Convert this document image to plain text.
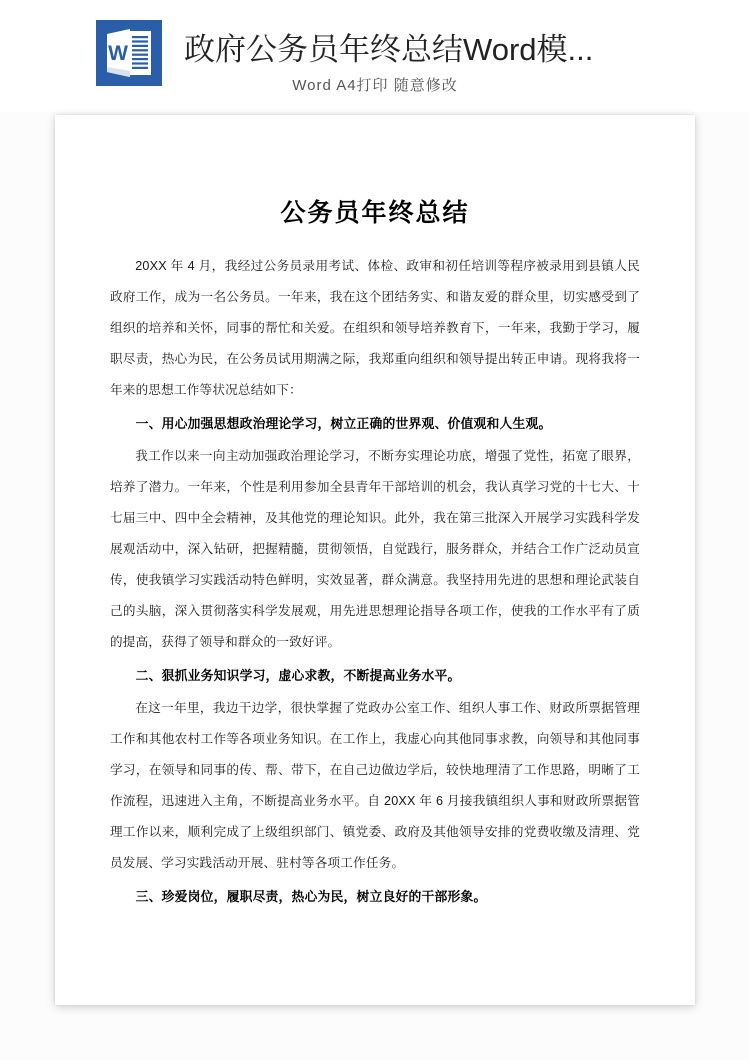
W	政府公务员年终总结Word模...
Word A4打印 随意修改
公务员年终总结

20XX 年 4 月，我经过公务员录用考试、体检、政审和初任培训等程序被录用到县镇人民政府工作，成为一名公务员。一年来，我在这个团结务实、和谐友爱的群众里，切实感受到了组织的培养和关怀，同事的帮忙和关爱。在组织和领导培养教育下，一年来，我勤于学习，履职尽责，热心为民，在公务员试用期满之际，我郑重向组织和领导提出转正申请。现将我将一年来的思想工作等状况总结如下：

一、用心加强思想政治理论学习，树立正确的世界观、价值观和人生观。

我工作以来一向主动加强政治理论学习，不断夯实理论功底，增强了党性，拓宽了眼界，培养了潜力。一年来，个性是利用参加全县青年干部培训的机会，我认真学习党的十七大、十七届三中、四中全会精神，及其他党的理论知识。此外，我在第三批深入开展学习实践科学发展观活动中，深入钻研，把握精髓，贯彻领悟，自觉践行，服务群众，并结合工作广泛动员宣传，使我镇学习实践活动特色鲜明，实效显著，群众满意。我坚持用先进的思想和理论武装自己的头脑，深入贯彻落实科学发展观，用先进思想理论指导各项工作，使我的工作水平有了质的提高，获得了领导和群众的一致好评。

二、狠抓业务知识学习，虚心求教，不断提高业务水平。

在这一年里，我边干边学，很快掌握了党政办公室工作、组织人事工作、财政所票据管理工作和其他农村工作等各项业务知识。在工作上，我虚心向其他同事求教，向领导和其他同事学习，在领导和同事的传、帮、带下，在自己边做边学后，较快地理清了工作思路，明晰了工作流程，迅速进入主角，不断提高业务水平。自 20XX 年 6 月接我镇组织人事和财政所票据管理工作以来，顺利完成了上级组织部门、镇党委、政府及其他领导安排的党费收缴及清理、党员发展、学习实践活动开展、驻村等各项工作任务。

三、珍爱岗位，履职尽责，热心为民，树立良好的干部形象。
